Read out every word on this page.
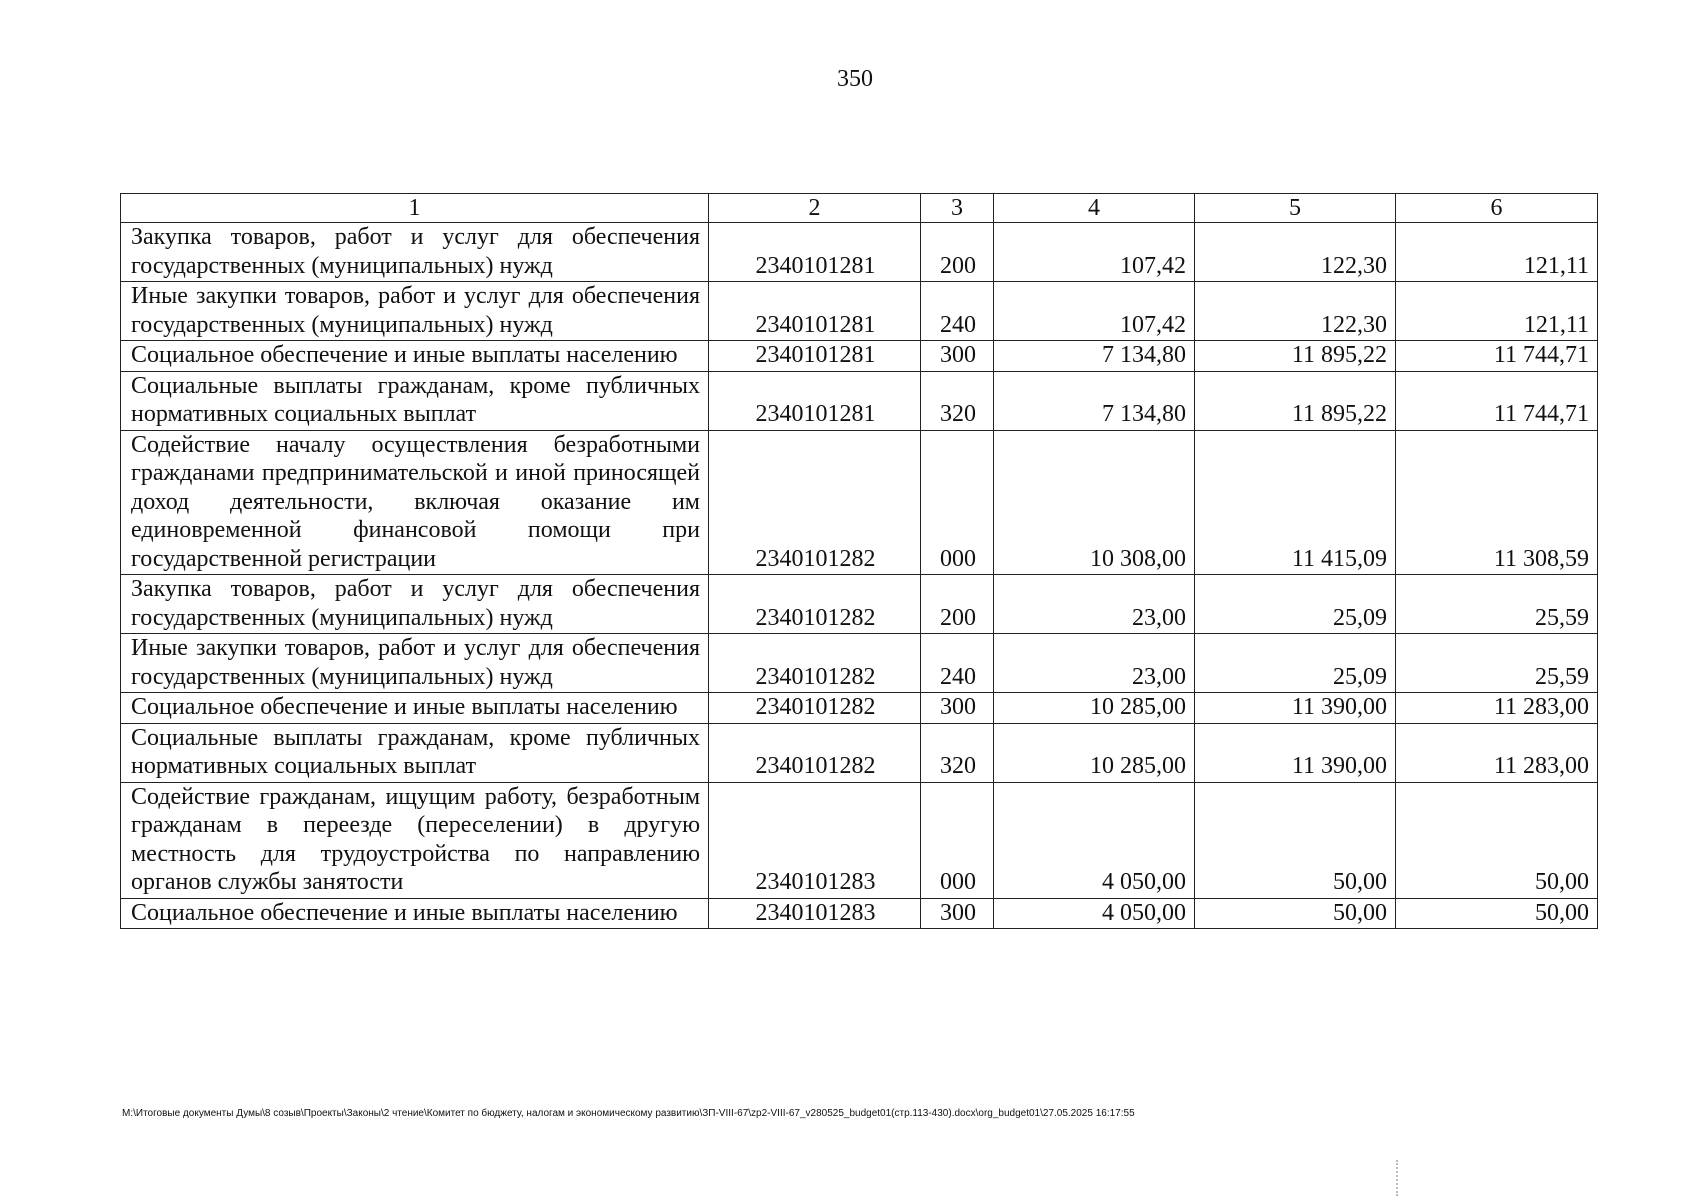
350
1	2	3	4	5	6
Закупка товаров, работ и услуг для обеспечения государственных (муниципальных) нужд	2340101281	200	107,42	122,30	121,11
Иные закупки товаров, работ и услуг для обеспечения государственных (муниципальных) нужд	2340101281	240	107,42	122,30	121,11
Социальное обеспечение и иные выплаты населению	2340101281	300	7 134,80	11 895,22	11 744,71
Социальные выплаты гражданам, кроме публичных нормативных социальных выплат	2340101281	320	7 134,80	11 895,22	11 744,71
Содействие началу осуществления безработными гражданами предпринимательской и иной приносящей доход деятельности, включая оказание им единовременной финансовой помощи при государственной регистрации	2340101282	000	10 308,00	11 415,09	11 308,59
Закупка товаров, работ и услуг для обеспечения государственных (муниципальных) нужд	2340101282	200	23,00	25,09	25,59
Иные закупки товаров, работ и услуг для обеспечения государственных (муниципальных) нужд	2340101282	240	23,00	25,09	25,59
Социальное обеспечение и иные выплаты населению	2340101282	300	10 285,00	11 390,00	11 283,00
Социальные выплаты гражданам, кроме публичных нормативных социальных выплат	2340101282	320	10 285,00	11 390,00	11 283,00
Содействие гражданам, ищущим работу, безработным гражданам в переезде (переселении) в другую местность для трудоустройства по направлению органов службы занятости	2340101283	000	4 050,00	50,00	50,00
Социальное обеспечение и иные выплаты населению	2340101283	300	4 050,00	50,00	50,00
M:\Итоговые документы Думы\8 созыв\Проекты\Законы\2 чтение\Комитет по бюджету, налогам и экономическому развитию\ЗП-VIII-67\zp2-VIII-67_v280525_budget01(стр.113-430).docx\org_budget01\27.05.2025 16:17:55
